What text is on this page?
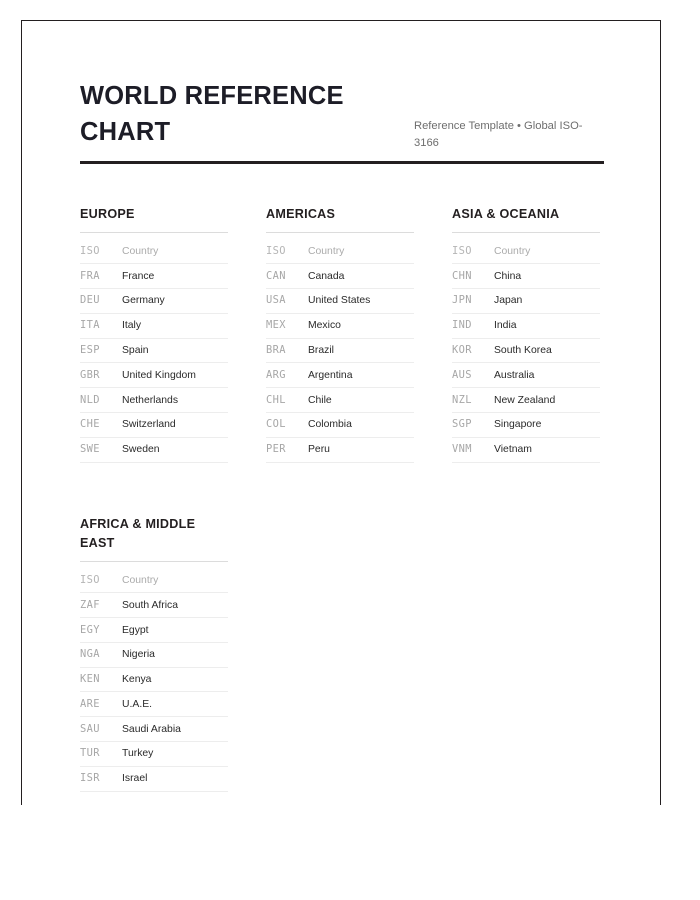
WORLD REFERENCE CHART	Reference Template • Global ISO-3166

EUROPE
ISO	Country
FRA	France
DEU	Germany
ITA	Italy
ESP	Spain
GBR	United Kingdom
NLD	Netherlands
CHE	Switzerland
SWE	Sweden
AMERICAS
ISO	Country
CAN	Canada
USA	United States
MEX	Mexico
BRA	Brazil
ARG	Argentina
CHL	Chile
COL	Colombia
PER	Peru
ASIA & OCEANIA
ISO	Country
CHN	China
JPN	Japan
IND	India
KOR	South Korea
AUS	Australia
NZL	New Zealand
SGP	Singapore
VNM	Vietnam
AFRICA & MIDDLE EAST
ISO	Country
ZAF	South Africa
EGY	Egypt
NGA	Nigeria
KEN	Kenya
ARE	U.A.E.
SAU	Saudi Arabia
TUR	Turkey
ISR	Israel
